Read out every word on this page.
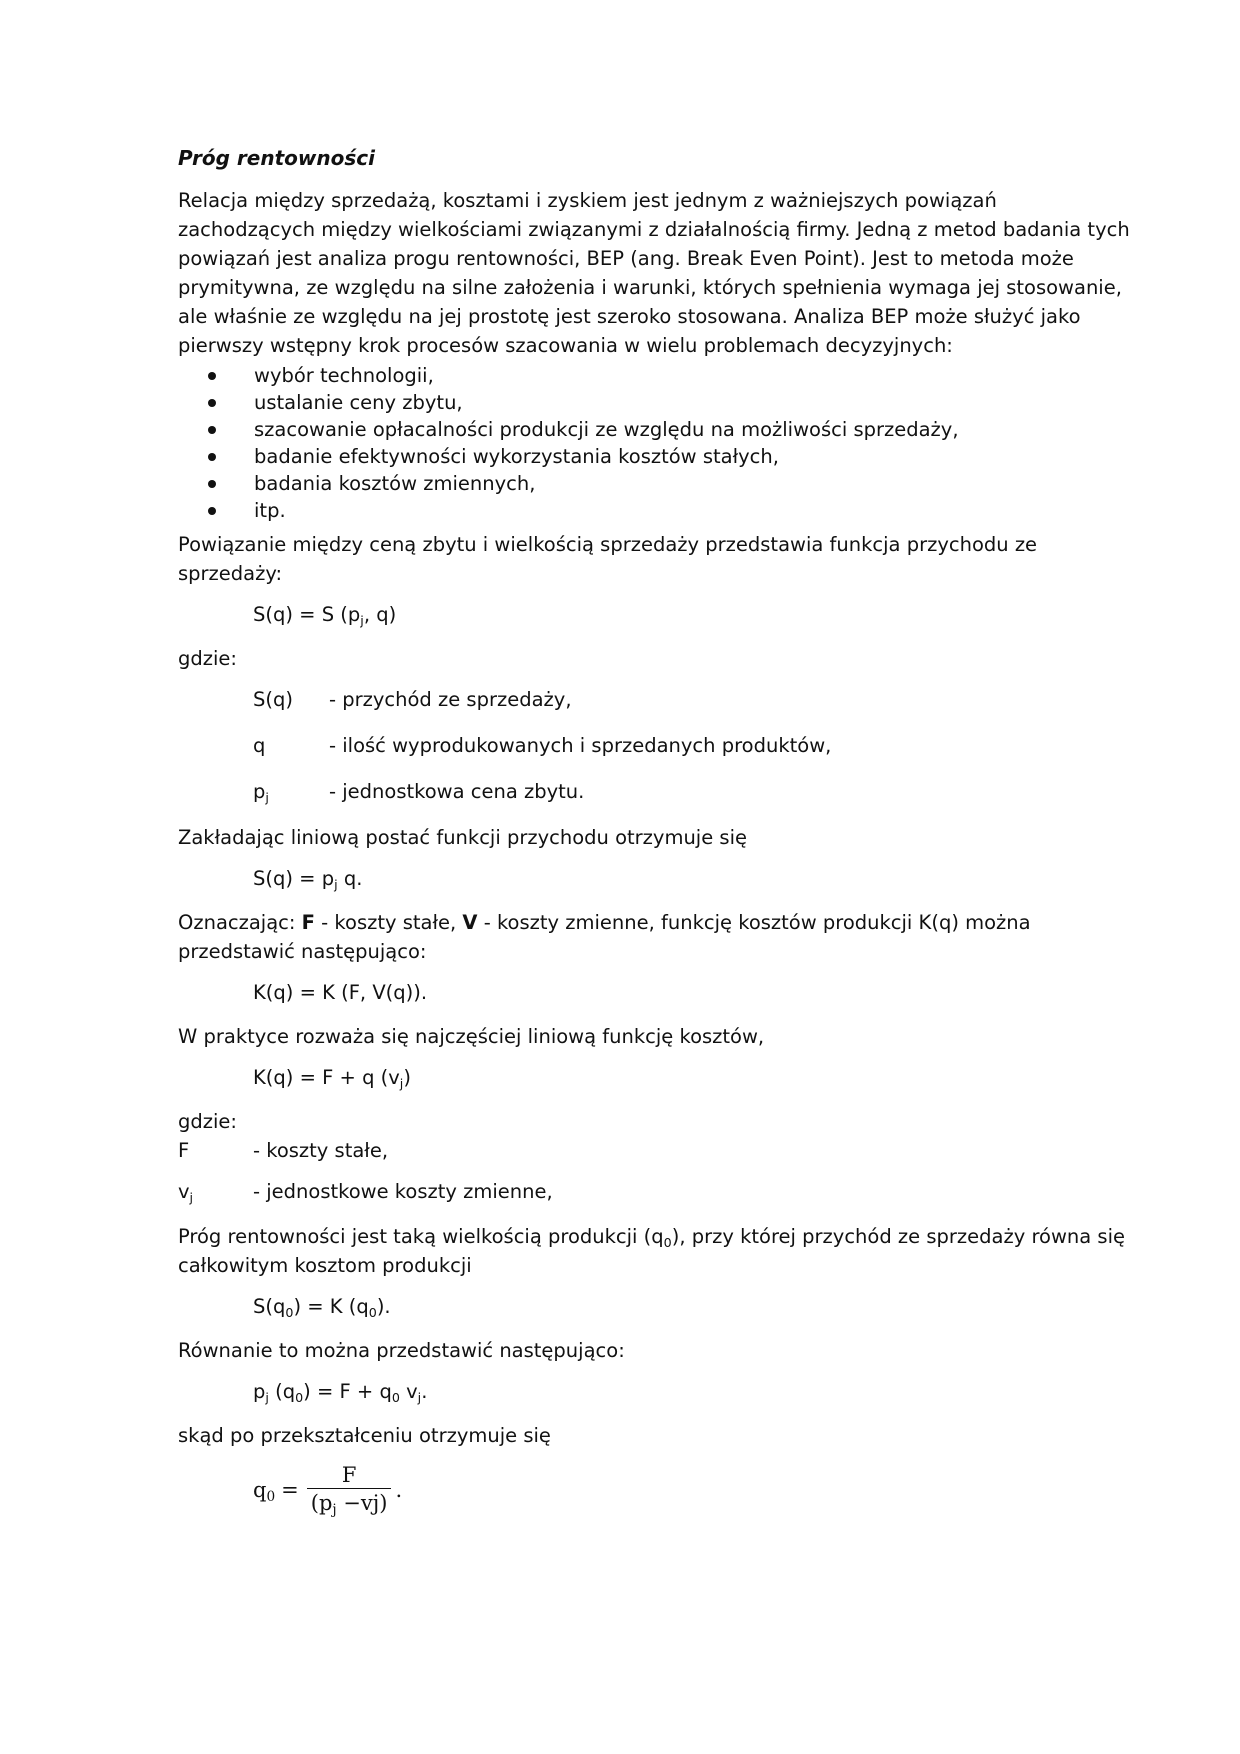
Próg rentowności

Relacja między sprzedażą, kosztami i zyskiem jest jednym z ważniejszych powiązań zachodzących między wielkościami związanymi z działalnością firmy. Jedną z metod badania tych powiązań jest analiza progu rentowności, BEP (ang. Break Even Point). Jest to metoda może prymitywna, ze względu na silne założenia i warunki, których spełnienia wymaga jej stosowanie, ale właśnie ze względu na jej prostotę jest szeroko stosowana. Analiza BEP może służyć jako pierwszy wstępny krok procesów szacowania w wielu problemach decyzyjnych:

wybór technologii,
ustalanie ceny zbytu,
szacowanie opłacalności produkcji ze względu na możliwości sprzedaży,
badanie efektywności wykorzystania kosztów stałych,
badania kosztów zmiennych,
itp.

Powiązanie między ceną zbytu i wielkością sprzedaży przedstawia funkcja przychodu ze sprzedaży:

S(q) = S ($p_j$, q)

gdzie:

S(q)	- przychód ze sprzedaży,
q	- ilość wyprodukowanych i sprzedanych produktów,
$p_j$	- jednostkowa cena zbytu.

Zakładając liniową postać funkcji przychodu otrzymuje się

$S(q) = p_j$ q.

Oznaczając: F - koszty stałe, V - koszty zmienne, funkcję kosztów produkcji K(q) można przedstawić następująco:

K(q) = K (F, V(q)).

W praktyce rozważa się najczęściej liniową funkcję kosztów,

K(q) = F + q $(v_j)$

gdzie:

F	- koszty stałe,
$v_j$	- jednostkowe koszty zmienne,

Próg rentowności jest taką wielkością produkcji $(q_0)$, przy której przychód ze sprzedaży równa się całkowitym kosztom produkcji

$S(q_0) = K$ $(q_0)$.

Równanie to można przedstawić następująco:

$p_j$ $(q_0) = F + q_0$ $v_j$.

skąd po przekształceniu otrzymuje się

$q_0 = \frac{F}{(p_j -vj)}$ .
